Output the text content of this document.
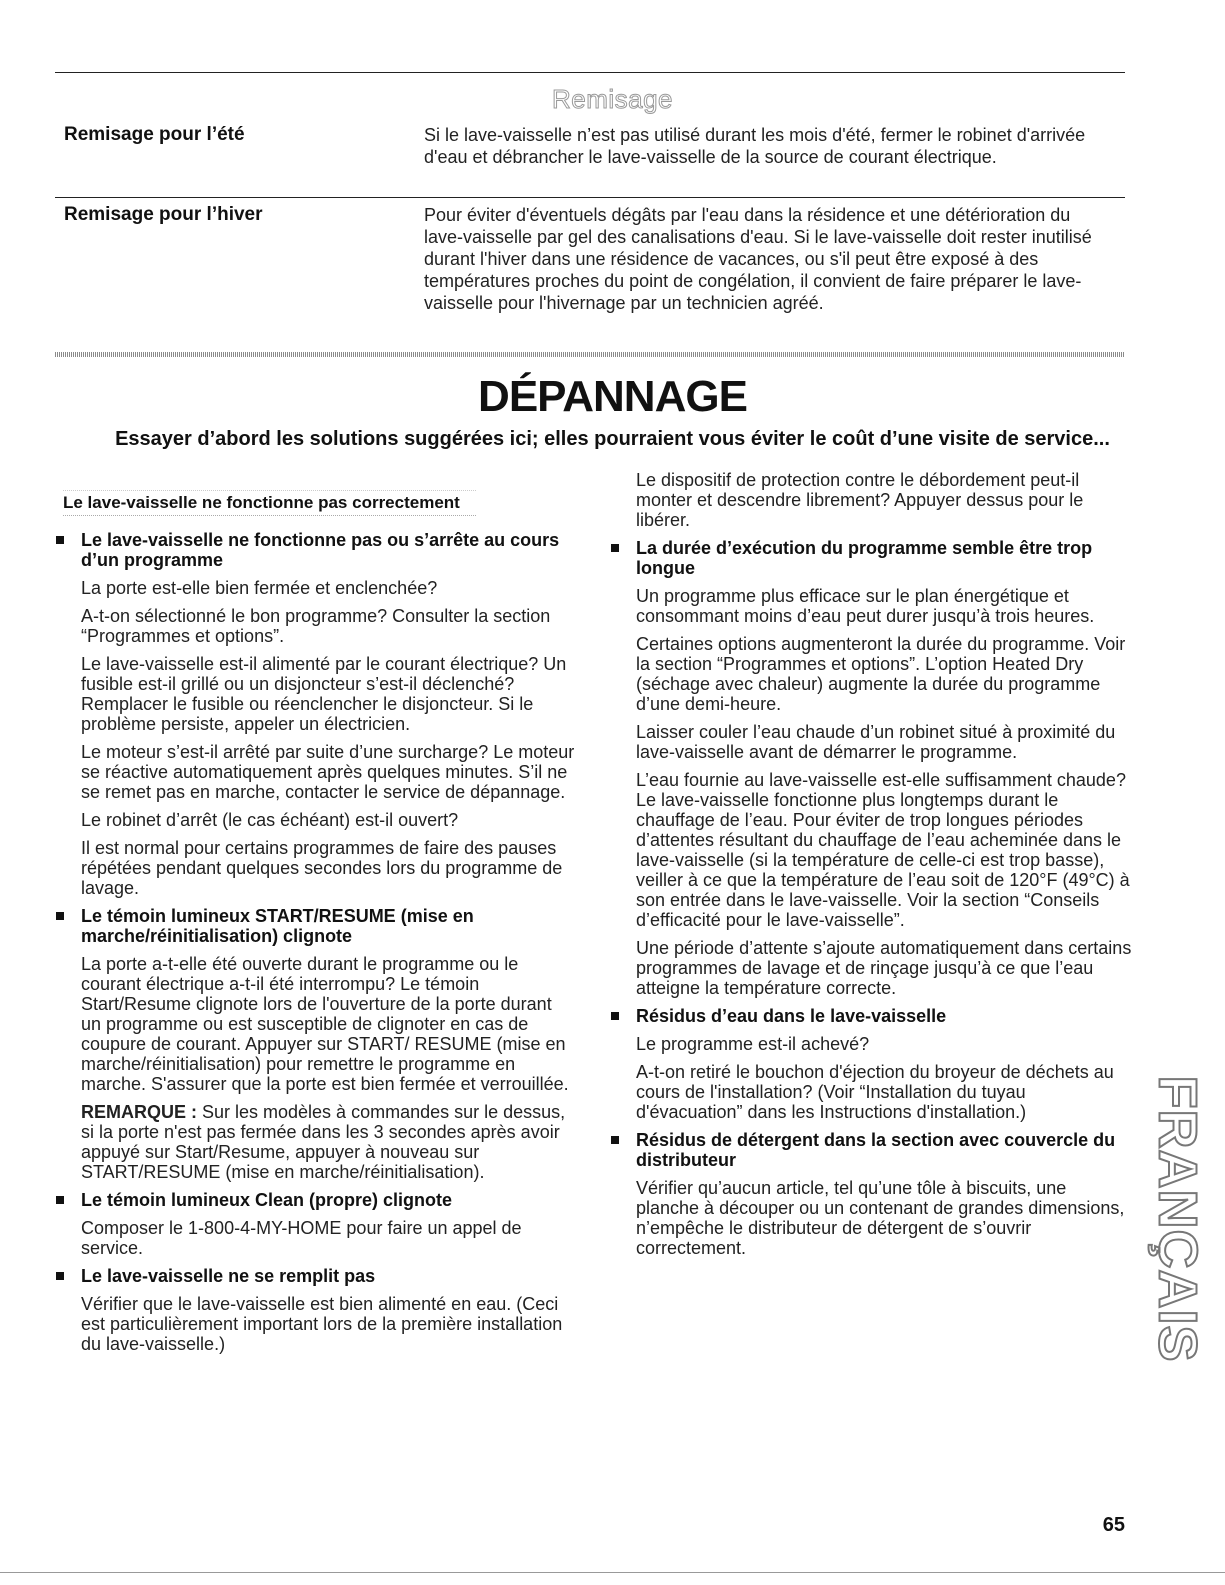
Remisage
Remisage pour l’été	Si le lave-vaisselle n’est pas utilisé durant les mois d'été, fermer le robinet d'arrivée d'eau et débrancher le lave-vaisselle de la source de courant électrique.
Remisage pour l’hiver	Pour éviter d'éventuels dégâts par l'eau dans la résidence et une détérioration du lave-vaisselle par gel des canalisations d'eau. Si le lave-vaisselle doit rester inutilisé durant l'hiver dans une résidence de vacances, ou s'il peut être exposé à des températures proches du point de congélation, il convient de faire préparer le lave-vaisselle pour l'hivernage par un technicien agréé.
DÉPANNAGE
Essayer d’abord les solutions suggérées ici; elles pourraient vous éviter le coût d’une visite de service...
Le lave-vaisselle ne fonctionne pas correctement
Le lave-vaisselle ne fonctionne pas ou s’arrête au cours d’un programme
La porte est-elle bien fermée et enclenchée?
A-t-on sélectionné le bon programme? Consulter la section “Programmes et options”.
Le lave-vaisselle est-il alimenté par le courant électrique? Un fusible est-il grillé ou un disjoncteur s’est-il déclenché? Remplacer le fusible ou réenclencher le disjoncteur. Si le problème persiste, appeler un électricien.
Le moteur s’est-il arrêté par suite d’une surcharge? Le moteur se réactive automatiquement après quelques minutes. S’il ne se remet pas en marche, contacter le service de dépannage.
Le robinet d’arrêt (le cas échéant) est-il ouvert?
Il est normal pour certains programmes de faire des pauses répétées pendant quelques secondes lors du programme de lavage.
Le témoin lumineux START/RESUME (mise en marche/réinitialisation) clignote
La porte a-t-elle été ouverte durant le programme ou le courant électrique a-t-il été interrompu? Le témoin Start/Resume clignote lors de l'ouverture de la porte durant un programme ou est susceptible de clignoter en cas de coupure de courant. Appuyer sur START/ RESUME (mise en marche/réinitialisation) pour remettre le programme en marche. S'assurer que la porte est bien fermée et verrouillée.
REMARQUE : Sur les modèles à commandes sur le dessus, si la porte n'est pas fermée dans les 3 secondes après avoir appuyé sur Start/Resume, appuyer à nouveau sur START/RESUME (mise en marche/réinitialisation).
Le témoin lumineux Clean (propre) clignote
Composer le 1-800-4-MY-HOME pour faire un appel de service.
Le lave-vaisselle ne se remplit pas
Vérifier que le lave-vaisselle est bien alimenté en eau. (Ceci est particulièrement important lors de la première installation du lave-vaisselle.)
Le dispositif de protection contre le débordement peut-il monter et descendre librement? Appuyer dessus pour le libérer.
La durée d’exécution du programme semble être trop longue
Un programme plus efficace sur le plan énergétique et consommant moins d’eau peut durer jusqu’à trois heures.
Certaines options augmenteront la durée du programme. Voir la section “Programmes et options”. L’option Heated Dry (séchage avec chaleur) augmente la durée du programme d’une demi-heure.
Laisser couler l’eau chaude d’un robinet situé à proximité du lave-vaisselle avant de démarrer le programme.
L’eau fournie au lave-vaisselle est-elle suffisamment chaude? Le lave-vaisselle fonctionne plus longtemps durant le chauffage de l’eau. Pour éviter de trop longues périodes d’attentes résultant du chauffage de l’eau acheminée dans le lave-vaisselle (si la température de celle-ci est trop basse), veiller à ce que la température de l’eau soit de 120°F (49°C) à son entrée dans le lave-vaisselle. Voir la section “Conseils d’efficacité pour le lave-vaisselle”.
Une période d’attente s’ajoute automatiquement dans certains programmes de lavage et de rinçage jusqu’à ce que l’eau atteigne la température correcte.
Résidus d’eau dans le lave-vaisselle
Le programme est-il achevé?
A-t-on retiré le bouchon d'éjection du broyeur de déchets au cours de l'installation? (Voir “Installation du tuyau d'évacuation” dans les Instructions d'installation.)
Résidus de détergent dans la section avec couvercle du distributeur
Vérifier qu’aucun article, tel qu’une tôle à biscuits, une planche à découper ou un contenant de grandes dimensions, n’empêche le distributeur de détergent de s’ouvrir correctement.	FRANÇAIS
65
